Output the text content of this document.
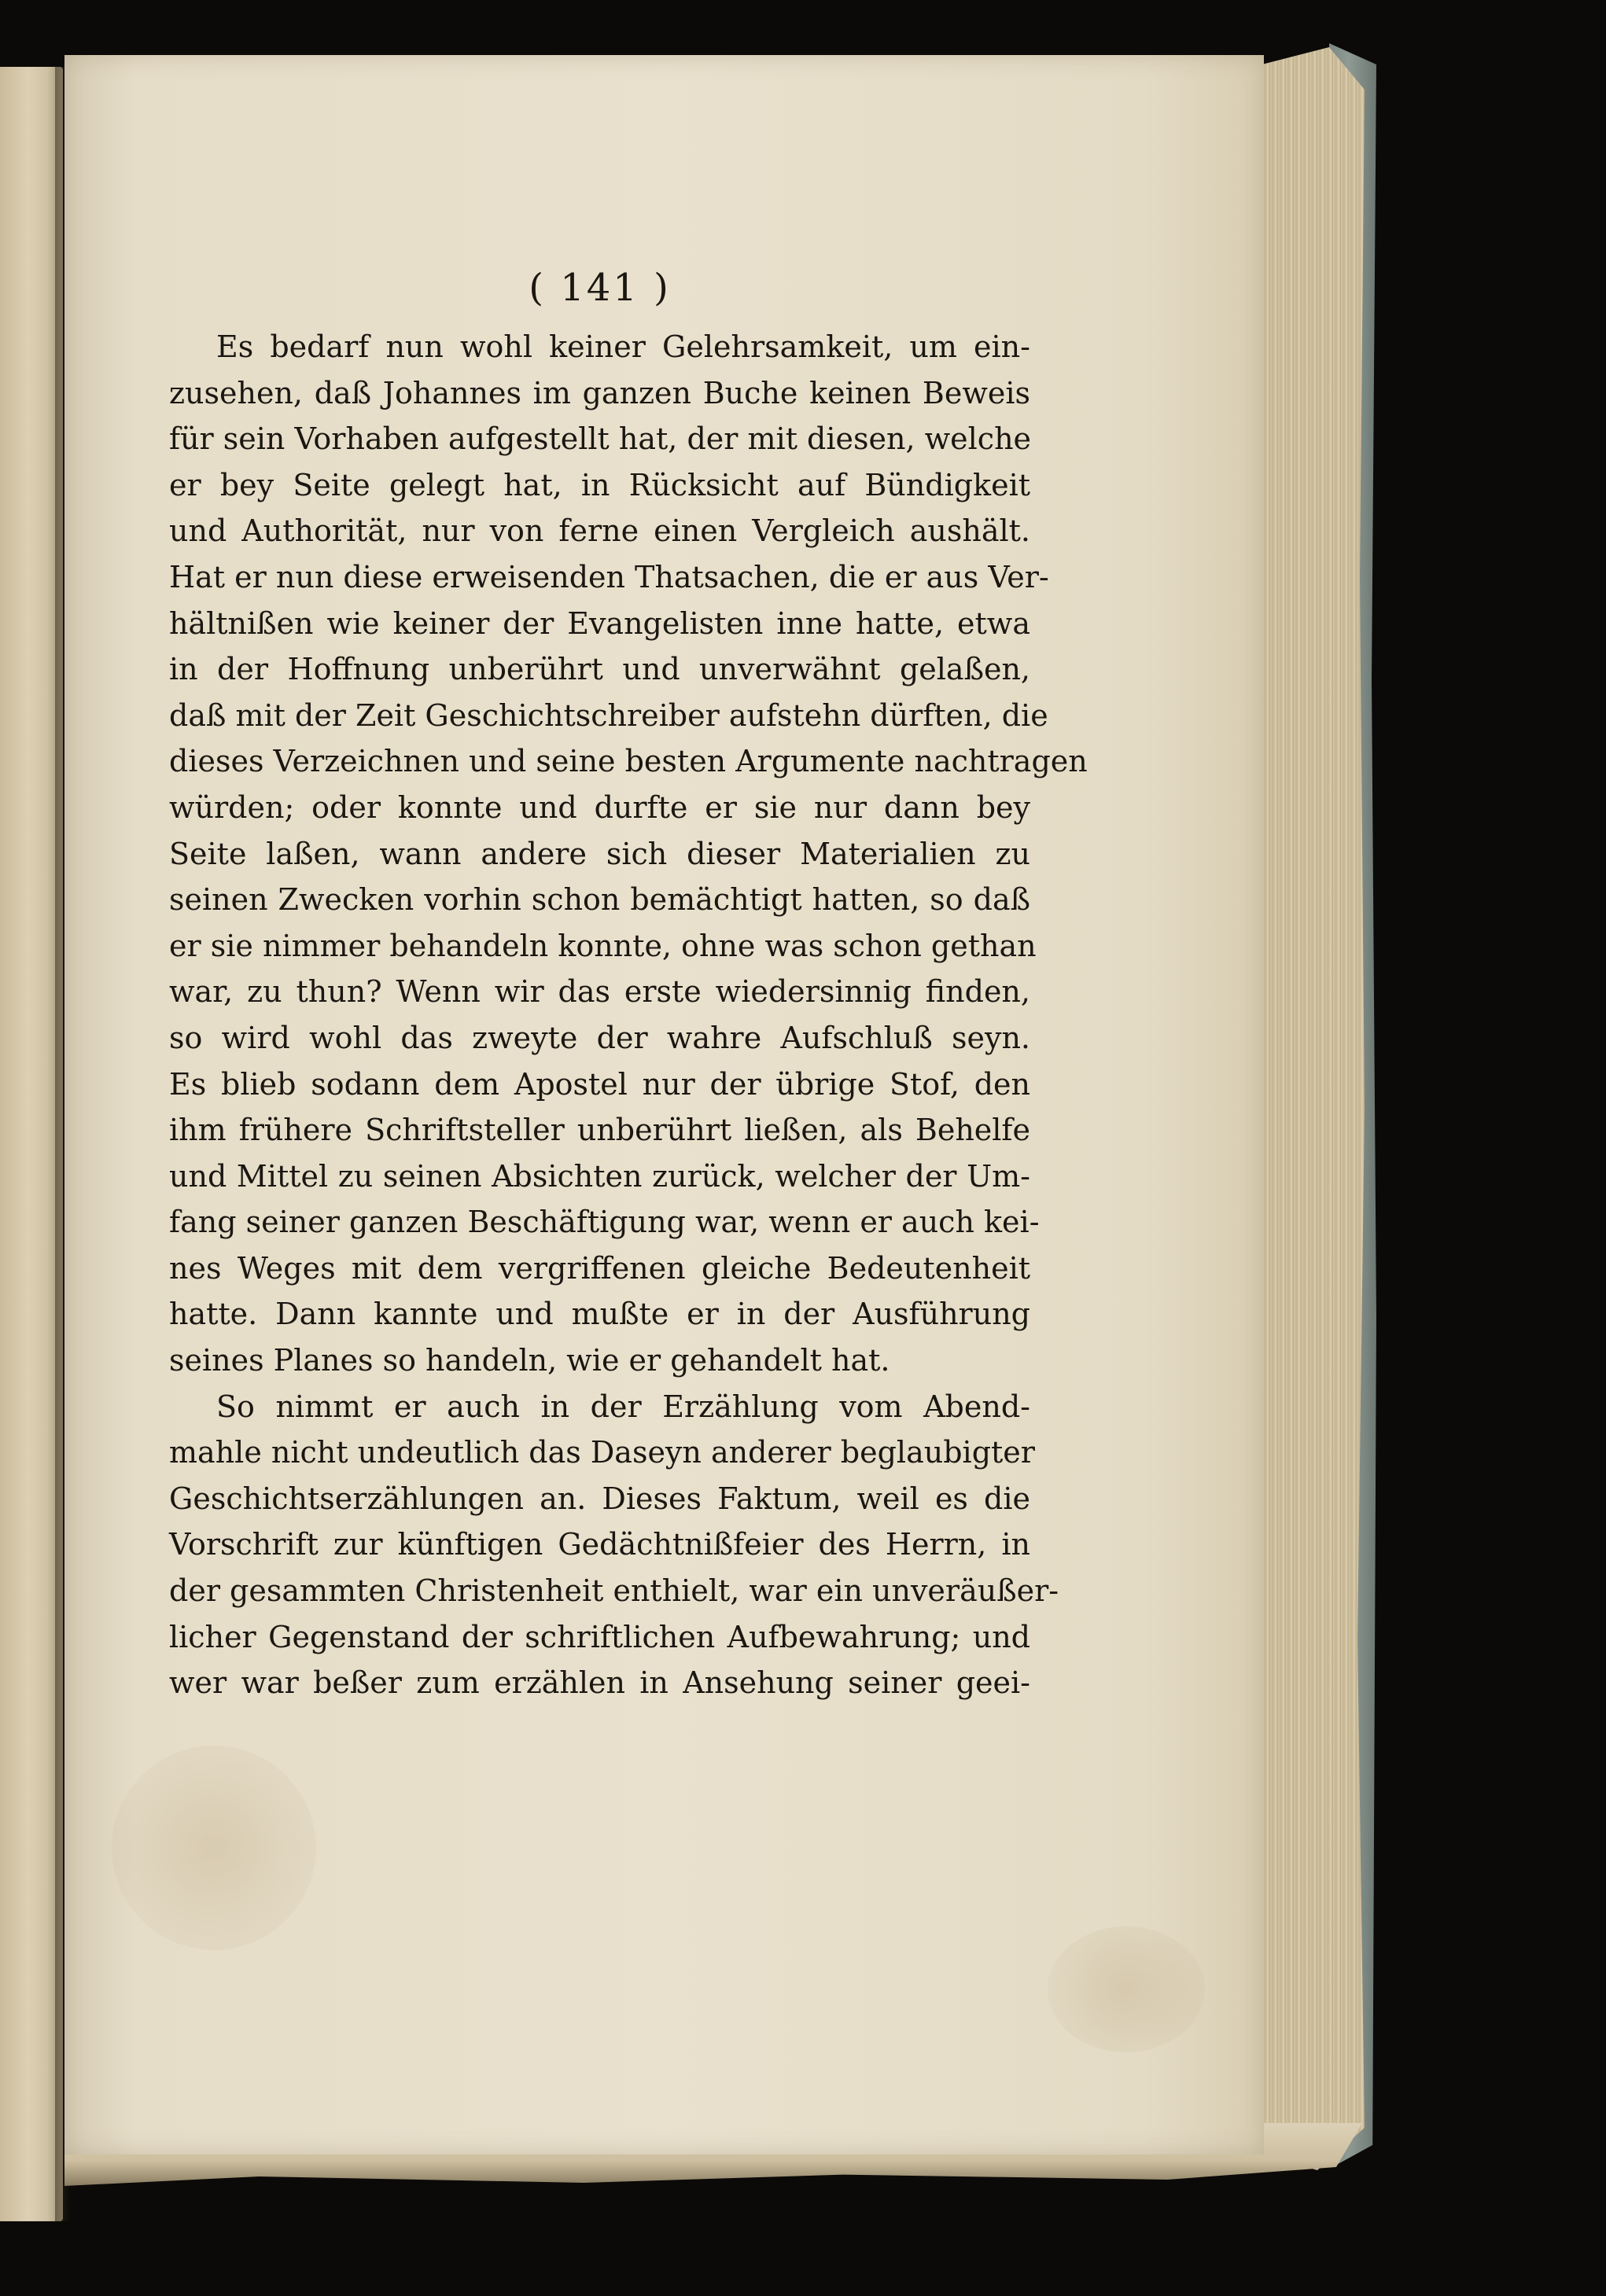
( 141 )
Es bedarf nun wohl keiner Gelehrsamkeit, um ein-
zusehen, daß Johannes im ganzen Buche keinen Beweis
für sein Vorhaben aufgestellt hat, der mit diesen, welche
er bey Seite gelegt hat, in Rücksicht auf Bündigkeit
und Authorität, nur von ferne einen Vergleich aushält.
Hat er nun diese erweisenden Thatsachen, die er aus Ver-
hältnißen wie keiner der Evangelisten inne hatte, etwa
in der Hoffnung unberührt und unverwähnt gelaßen,
daß mit der Zeit Geschichtschreiber aufstehn dürften, die
dieses Verzeichnen und seine besten Argumente nachtragen
würden; oder konnte und durfte er sie nur dann bey
Seite laßen, wann andere sich dieser Materialien zu
seinen Zwecken vorhin schon bemächtigt hatten, so daß
er sie nimmer behandeln konnte, ohne was schon gethan
war, zu thun? Wenn wir das erste wiedersinnig finden,
so wird wohl das zweyte der wahre Aufschluß seyn.
Es blieb sodann dem Apostel nur der übrige Stof, den
ihm frühere Schriftsteller unberührt ließen, als Behelfe
und Mittel zu seinen Absichten zurück, welcher der Um-
fang seiner ganzen Beschäftigung war, wenn er auch kei-
nes Weges mit dem vergriffenen gleiche Bedeutenheit
hatte. Dann kannte und mußte er in der Ausführung
seines Planes so handeln, wie er gehandelt hat.
So nimmt er auch in der Erzählung vom Abend-
mahle nicht undeutlich das Daseyn anderer beglaubigter
Geschichtserzählungen an. Dieses Faktum, weil es die
Vorschrift zur künftigen Gedächtnißfeier des Herrn, in
der gesammten Christenheit enthielt, war ein unveräußer-
licher Gegenstand der schriftlichen Aufbewahrung; und
wer war beßer zum erzählen in Ansehung seiner geei-
